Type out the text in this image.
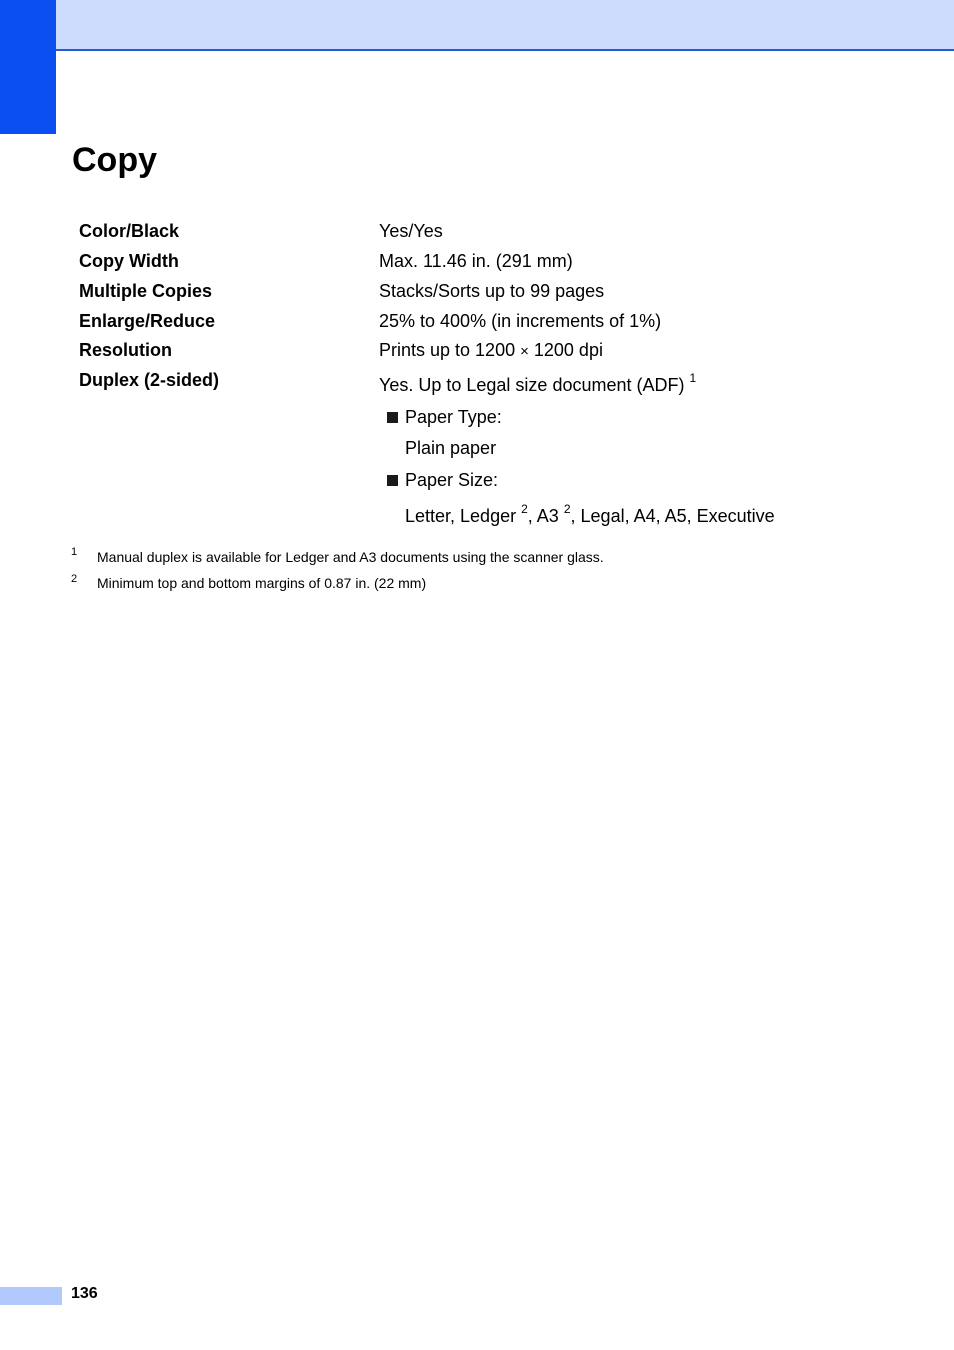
Copy
Color/Black	Yes/Yes
Copy Width	Max. 11.46 in. (291 mm)
Multiple Copies	Stacks/Sorts up to 99 pages
Enlarge/Reduce	25% to 400% (in increments of 1%)
Resolution	Prints up to 1200 × 1200 dpi
Duplex (2-sided)	Yes. Up to Legal size document (ADF) $^1$
Paper Type:
Plain paper
Paper Size:
Letter, Ledger $^2$, A3 $^2$, Legal, A4, A5, Executive
1 Manual duplex is available for Ledger and A3 documents using the scanner glass.
2 Minimum top and bottom margins of 0.87 in. (22 mm)
136
